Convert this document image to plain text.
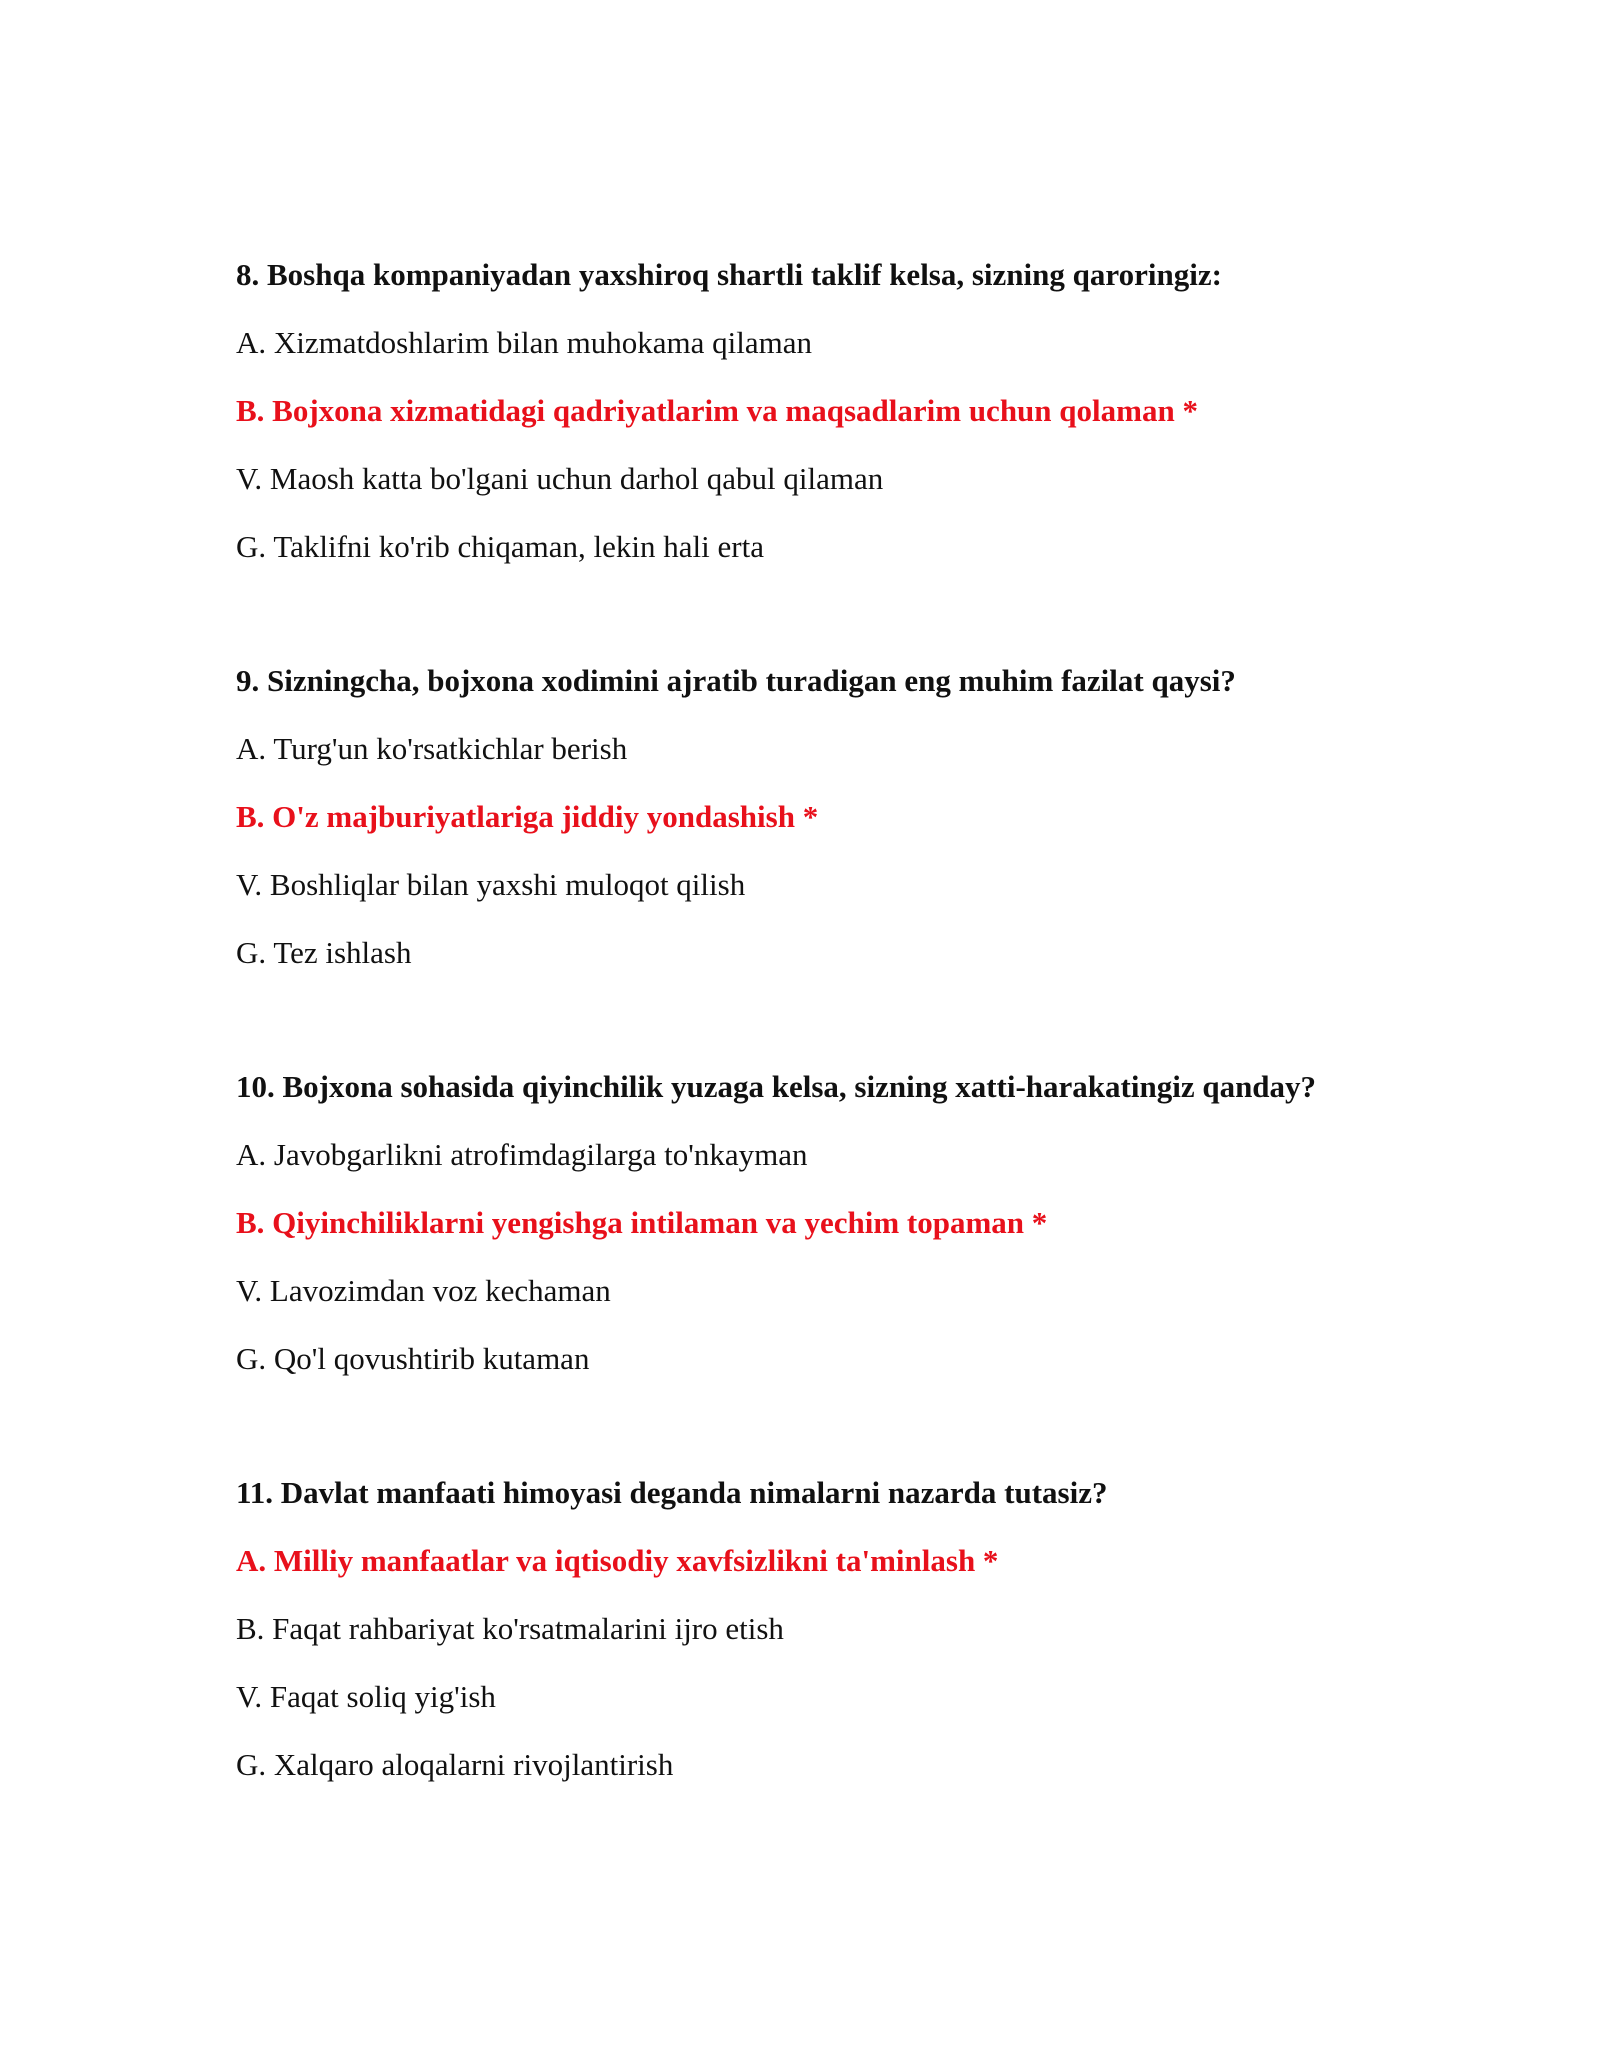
8. Boshqa kompaniyadan yaxshiroq shartli taklif kelsa, sizning qaroringiz:
A. Xizmatdoshlarim bilan muhokama qilaman
B. Bojxona xizmatidagi qadriyatlarim va maqsadlarim uchun qolaman *
V. Maosh katta bo'lgani uchun darhol qabul qilaman
G. Taklifni ko'rib chiqaman, lekin hali erta
9. Sizningcha, bojxona xodimini ajratib turadigan eng muhim fazilat qaysi?
A. Turg'un ko'rsatkichlar berish
B. O'z majburiyatlariga jiddiy yondashish *
V. Boshliqlar bilan yaxshi muloqot qilish
G. Tez ishlash
10. Bojxona sohasida qiyinchilik yuzaga kelsa, sizning xatti-harakatingiz qanday?
A. Javobgarlikni atrofimdagilarga to'nkayman
B. Qiyinchiliklarni yengishga intilaman va yechim topaman *
V. Lavozimdan voz kechaman
G. Qo'l qovushtirib kutaman
11. Davlat manfaati himoyasi deganda nimalarni nazarda tutasiz?
A. Milliy manfaatlar va iqtisodiy xavfsizlikni ta'minlash *
B. Faqat rahbariyat ko'rsatmalarini ijro etish
V. Faqat soliq yig'ish
G. Xalqaro aloqalarni rivojlantirish
